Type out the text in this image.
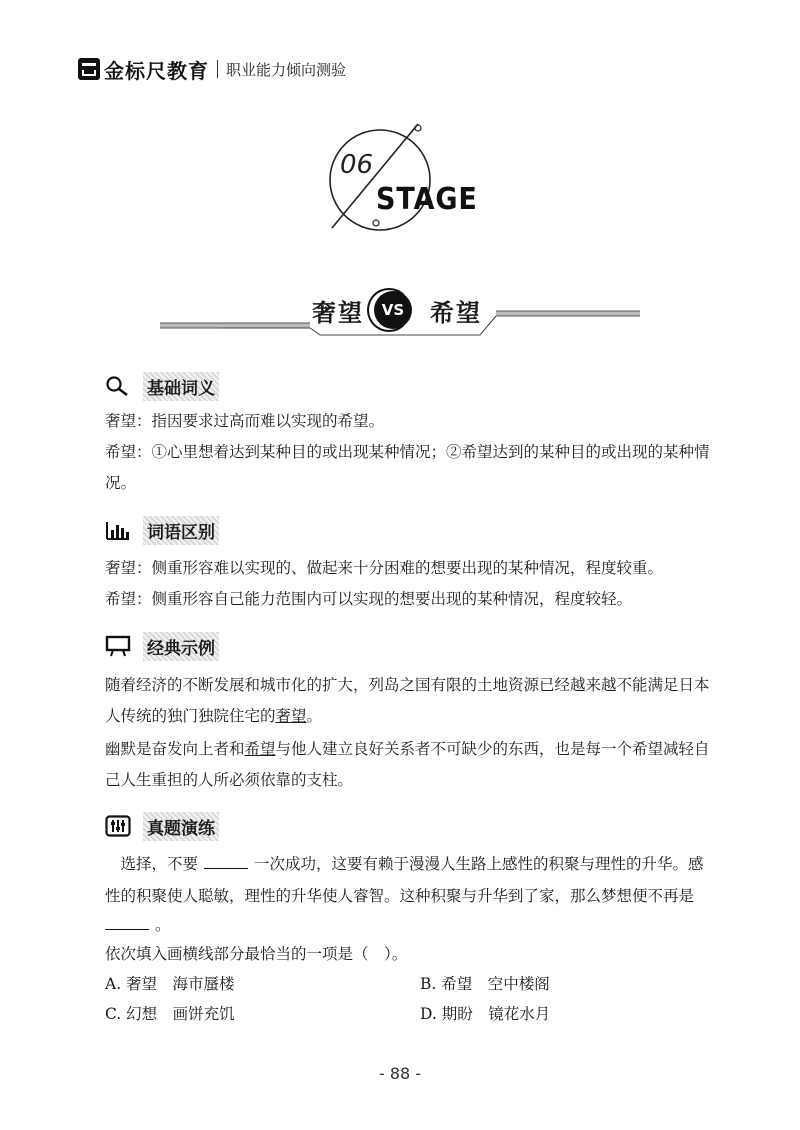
金标尺教育 职业能力倾向测验
06
STAGE
奢望	VS	希望
基础词义
奢望：指因要求过高而难以实现的希望。
希望：①心里想着达到某种目的或出现某种情况；②希望达到的某种目的或出现的某种情况。
词语区别
奢望：侧重形容难以实现的、做起来十分困难的想要出现的某种情况，程度较重。
希望：侧重形容自己能力范围内可以实现的想要出现的某种情况，程度较轻。
经典示例
随着经济的不断发展和城市化的扩大，列岛之国有限的土地资源已经越来越不能满足日本人传统的独门独院住宅的奢望。
幽默是奋发向上者和希望与他人建立良好关系者不可缺少的东西，也是每一个希望减轻自己人生重担的人所必须依靠的支柱。
真题演练
选择，不要	一次成功，这要有赖于漫漫人生路上感性的积聚与理性的升华。感性的积聚使人聪敏，理性的升华使人睿智。这种积聚与升华到了家，那么梦想便不再是
。
依次填入画横线部分最恰当的一项是（　）。
A. 奢望　海市蜃楼	B. 希望　空中楼阁
C. 幻想　画饼充饥	D. 期盼　镜花水月
- 88 -
